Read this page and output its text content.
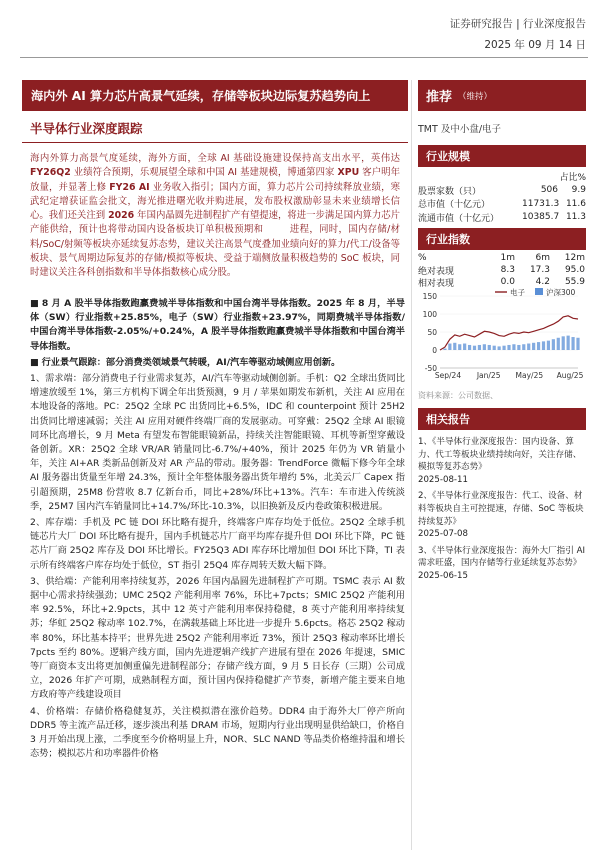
证券研究报告 | 行业深度报告
2025 年 09 月 14 日
海内外 AI 算力芯片高景气延续，存储等板块边际复苏趋势向上
半导体行业深度跟踪
海内外算力高景气度延续，海外方面，全球 AI 基础设施建设保持高支出水平，英伟达 FY26Q2 业绩符合预期，乐观展望全球和中国 AI 基建规模，博通第四家 XPU 客户明年放量，并显著上修 FY26 AI 业务收入指引；国内方面，算力芯片公司持续释放业绩，寒武纪定增获证监会批文，海光推进曙光收并购进展，发布股权激励彰显未来业绩增长信心。我们还关注到 2026 年国内晶圆先进制程扩产有望提速，将进一步满足国内算力芯片产能供给，预计也将带动国内设备板块订单积极预期和	进程，同时，国内存储/材料/SoC/射频等板块亦延续复苏态势，建议关注高景气度叠加业绩向好的算力/代工/设备等板块、景气周期边际复苏的存储/模拟等板块、受益于端侧放量积极趋势的 SoC 板块，同时建议关注各科创指数和半导体指数核心成分股。

■ 8 月 A 股半导体指数跑赢费城半导体指数和中国台湾半导体指数。2025 年 8 月，半导体（SW）行业指数+25.85%，电子（SW）行业指数+23.97%，同期费城半导体指数/中国台湾半导体指数-2.05%/+0.24%，A 股半导体指数跑赢费城半导体指数和中国台湾半导体指数。

■ 行业景气跟踪：部分消费类领域景气转暖，AI/汽车等驱动域侧应用创新。

1、需求端：部分消费电子行业需求复苏，AI/汽车等驱动域侧创新。手机：Q2 全球出货同比增速放缓至 1%，第三方机构下调全年出货预测，9 月 / 苹果如期发布新机，关注 AI 应用在本地设备的落地。PC：25Q2 全球 PC 出货同比+6.5%，IDC 和 counterpoint 预计 25H2 出货同比增速减弱；关注 AI 应用对硬件终端厂商的发展驱动。可穿戴：25Q2 全球 AI 眼镜同环比高增长，9 月 Meta 有望发布智能眼镜新品，持续关注智能眼镜、耳机等新型穿戴设备创新。XR：25Q2 全球 VR/AR 销量同比-6.7%/+40%，预计 2025 年仍为 VR 销量小年，关注 AI+AR 类新品创新及对 AR 产品的带动。服务器：TrendForce 微幅下修今年全球 AI 服务器出货量至年增 24.3%，预计全年整体服务器出货年增约 5%，北美云厂 Capex 指引超预期，25M8 份营收 8.7 亿新台币，同比+28%/环比+13%。汽车：车市进入传统淡季，25M7 国内汽车销量同比+14.7%/环比-10.3%，以旧换新及反内卷政策积极进展。

2、库存端：手机及 PC 链 DOI 环比略有提升，终端客户库存均处于低位。25Q2 全球手机链芯片大厂 DOI 环比略有提升，国内手机链芯片厂商平均库存提升但 DOI 环比下降，PC 链芯片厂商 25Q2 库存及 DOI 环比增长。FY25Q3 ADI 库存环比增加但 DOI 环比下降，TI 表示所有终端客户库存均处于低位，ST 指引 25Q4 库存周转天数大幅下降。

3、供给端：产能利用率持续复苏，2026 年国内晶圆先进制程扩产可期。TSMC 表示 AI 数据中心需求持续强劲；UMC 25Q2 产能利用率 76%，环比+7pcts；SMIC 25Q2 产能利用率 92.5%，环比+2.9pcts，其中 12 英寸产能利用率保持稳健，8 英寸产能利用率持续复苏；华虹 25Q2 稼动率 102.7%，在满载基础上环比进一步提升 5.6pcts。格芯 25Q2 稼动率 80%，环比基本持平；世界先进 25Q2 产能利用率近 73%，预计 25Q3 稼动率环比增长 7pcts 至约 80%。逻辑产线方面，国内先进逻辑产线扩产进展有望在 2026 年提速，SMIC 等厂商资本支出将更加侧重偏先进制程部分；存储产线方面，9 月 5 日长存（三期）公司成立，2026 年扩产可期，成熟制程方面，预计国内保持稳健扩产节奏，新增产能主要来自地方政府等产线建设项目

4、价格端：存储价格稳健复苏，关注模拟潜在涨价趋势。DDR4 由于海外大厂停产所向 DDR5 等主流产品迁移，逐步淡出利基 DRAM 市场，短期内行业出现明显供给缺口，价格自 3 月开始出现上涨，二季度至今价格明显上升，NOR、SLC NAND 等品类价格维持温和增长态势；模拟芯片和功率器件价格

推荐 （维持）
TMT 及中小盘/电子
行业规模
占比%
股票家数（只）	506	9.9
总市值（十亿元）	11731.3 11.6
流通市值（十亿元）	10385.7 11.3
行业指数
%	1m	6m	12m
绝对表现	8.3	17.3	95.0
相对表现	0.0	4.2	55.9
150
100
50
0
-50
Sep/24 Jan/25 May/25 Aug/25
电子	沪深300
资料来源：公司数据、
相关报告
1、《半导体行业深度报告：国内设备、算力、代工等板块业绩持续向好，关注存储、模拟等复苏态势》
2025-08-11
2、《半导体行业深度报告：代工、设备、材料等板块自主可控提速，存储、SoC 等板块持续复苏》
2025-07-08
3、《半导体行业深度报告：海外大厂指引 AI 需求旺盛，国内存储等行业延续复苏态势》
2025-06-15
